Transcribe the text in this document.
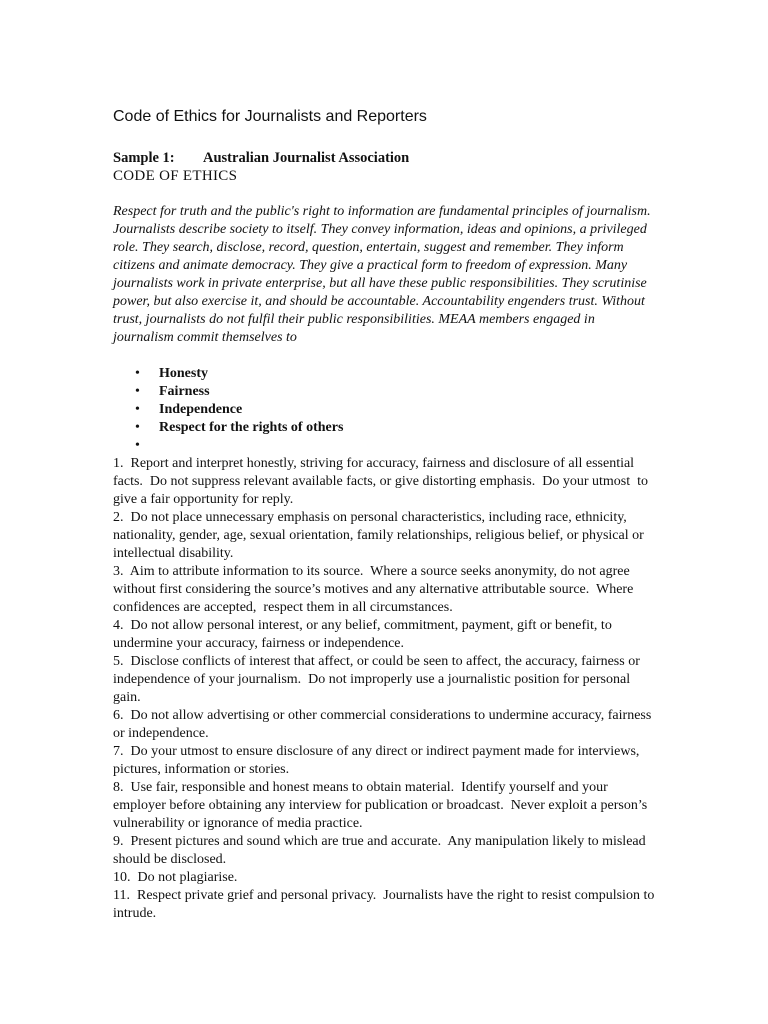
Code of Ethics for Journalists and Reporters
Sample 1: Australian Journalist Association
CODE OF ETHICS
Respect for truth and the public's right to information are fundamental principles of journalism. Journalists describe society to itself. They convey information, ideas and opinions, a privileged role. They search, disclose, record, question, entertain, suggest and remember. They inform citizens and animate democracy. They give a practical form to freedom of expression. Many journalists work in private enterprise, but all have these public responsibilities. They scrutinise power, but also exercise it, and should be accountable. Accountability engenders trust. Without trust, journalists do not fulfil their public responsibilities. MEAA members engaged in journalism commit themselves to
• Honesty
• Fairness
• Independence
• Respect for the rights of others
•

1.  Report and interpret honestly, striving for accuracy, fairness and disclosure of all essential facts.  Do not suppress relevant available facts, or give distorting emphasis.  Do your utmost  to give a fair opportunity for reply.

2.  Do not place unnecessary emphasis on personal characteristics, including race, ethnicity, nationality, gender, age, sexual orientation, family relationships, religious belief, or physical or intellectual disability.

3.  Aim to attribute information to its source.  Where a source seeks anonymity, do not agree without first considering the source’s motives and any alternative attributable source.  Where confidences are accepted,  respect them in all circumstances.

4.  Do not allow personal interest, or any belief, commitment, payment, gift or benefit, to undermine your accuracy, fairness or independence.

5.  Disclose conflicts of interest that affect, or could be seen to affect, the accuracy, fairness or independence of your journalism.  Do not improperly use a journalistic position for personal gain.

6.  Do not allow advertising or other commercial considerations to undermine accuracy, fairness or independence.

7.  Do your utmost to ensure disclosure of any direct or indirect payment made for interviews, pictures, information or stories.

8.  Use fair, responsible and honest means to obtain material.  Identify yourself and your employer before obtaining any interview for publication or broadcast.  Never exploit a person’s vulnerability or ignorance of media practice.

9.  Present pictures and sound which are true and accurate.  Any manipulation likely to mislead should be disclosed.

10.  Do not plagiarise.

11.  Respect private grief and personal privacy.  Journalists have the right to resist compulsion to intrude.
